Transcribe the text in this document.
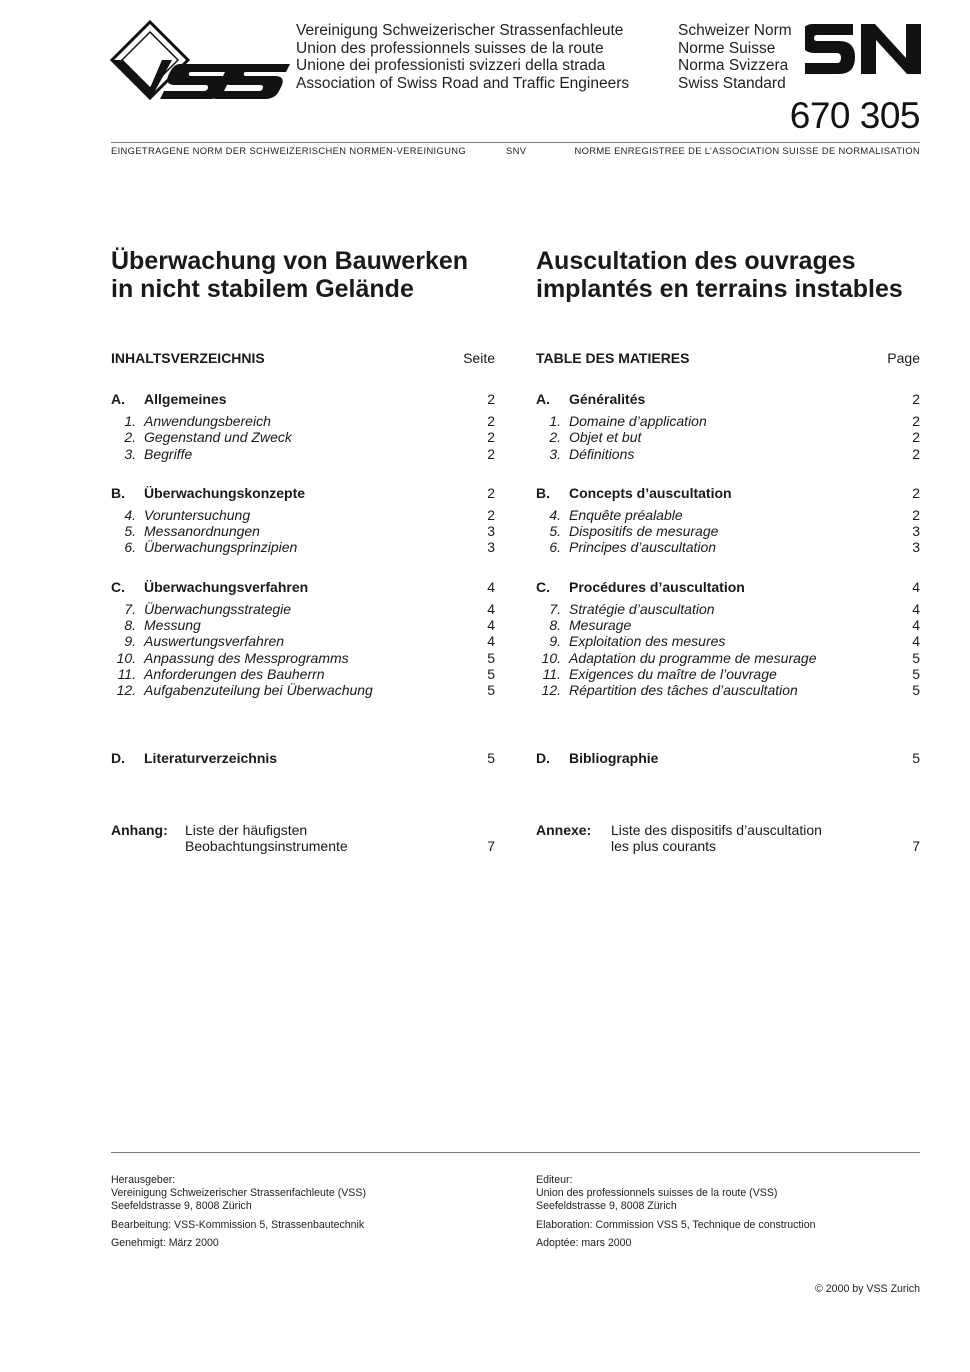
Vereinigung Schweizerischer Strassenfachleute
Union des professionnels suisses de la route
Unione dei professionisti svizzeri della strada
Association of Swiss Road and Traffic Engineers
Schweizer Norm
Norme Suisse
Norma Svizzera
Swiss Standard
670 305
EINGETRAGENE NORM DER SCHWEIZERISCHEN NORMEN-VEREINIGUNG	SNV	NORME ENREGISTREE DE L’ASSOCIATION SUISSE DE NORMALISATION
Überwachung von Bauwerken
in nicht stabilem Gelände
Auscultation des ouvrages
implantés en terrains instables
INHALTSVERZEICHNIS	Seite
A.	Allgemeines	2
1. Anwendungsbereich	2
2. Gegenstand und Zweck	2
3. Begriffe	2
B.	Überwachungskonzepte	2
4. Voruntersuchung	2
5. Messanordnungen	3
6. Überwachungsprinzipien	3
C.	Überwachungsverfahren	4
7. Überwachungsstrategie	4
8. Messung	4
9. Auswertungsverfahren	4
10. Anpassung des Messprogramms	5
11. Anforderungen des Bauherrn	5
12. Aufgabenzuteilung bei Überwachung	5
D.	Literaturverzeichnis	5
Anhang:	Liste der häufigsten
Beobachtungsinstrumente	7
TABLE DES MATIERES	Page
A.	Généralités	2
1. Domaine d’application	2
2. Objet et but	2
3. Définitions	2
B.	Concepts d’auscultation	2
4. Enquête préalable	2
5. Dispositifs de mesurage	3
6. Principes d’auscultation	3
C.	Procédures d’auscultation	4
7. Stratégie d’auscultation	4
8. Mesurage	4
9. Exploitation des mesures	4
10. Adaptation du programme de mesurage	5
11. Exigences du maître de l’ouvrage	5
12. Répartition des tâches d’auscultation	5
D.	Bibliographie	5
Annexe:	Liste des dispositifs d’auscultation
les plus courants	7
Herausgeber:
Vereinigung Schweizerischer Strassenfachleute (VSS)
Seefeldstrasse 9, 8008 Zürich
Bearbeitung: VSS-Kommission 5, Strassenbautechnik
Genehmigt: März 2000
Editeur:
Union des professionnels suisses de la route (VSS)
Seefeldstrasse 9, 8008 Zürich
Elaboration: Commission VSS 5, Technique de construction
Adoptée: mars 2000
© 2000 by VSS Zurich
